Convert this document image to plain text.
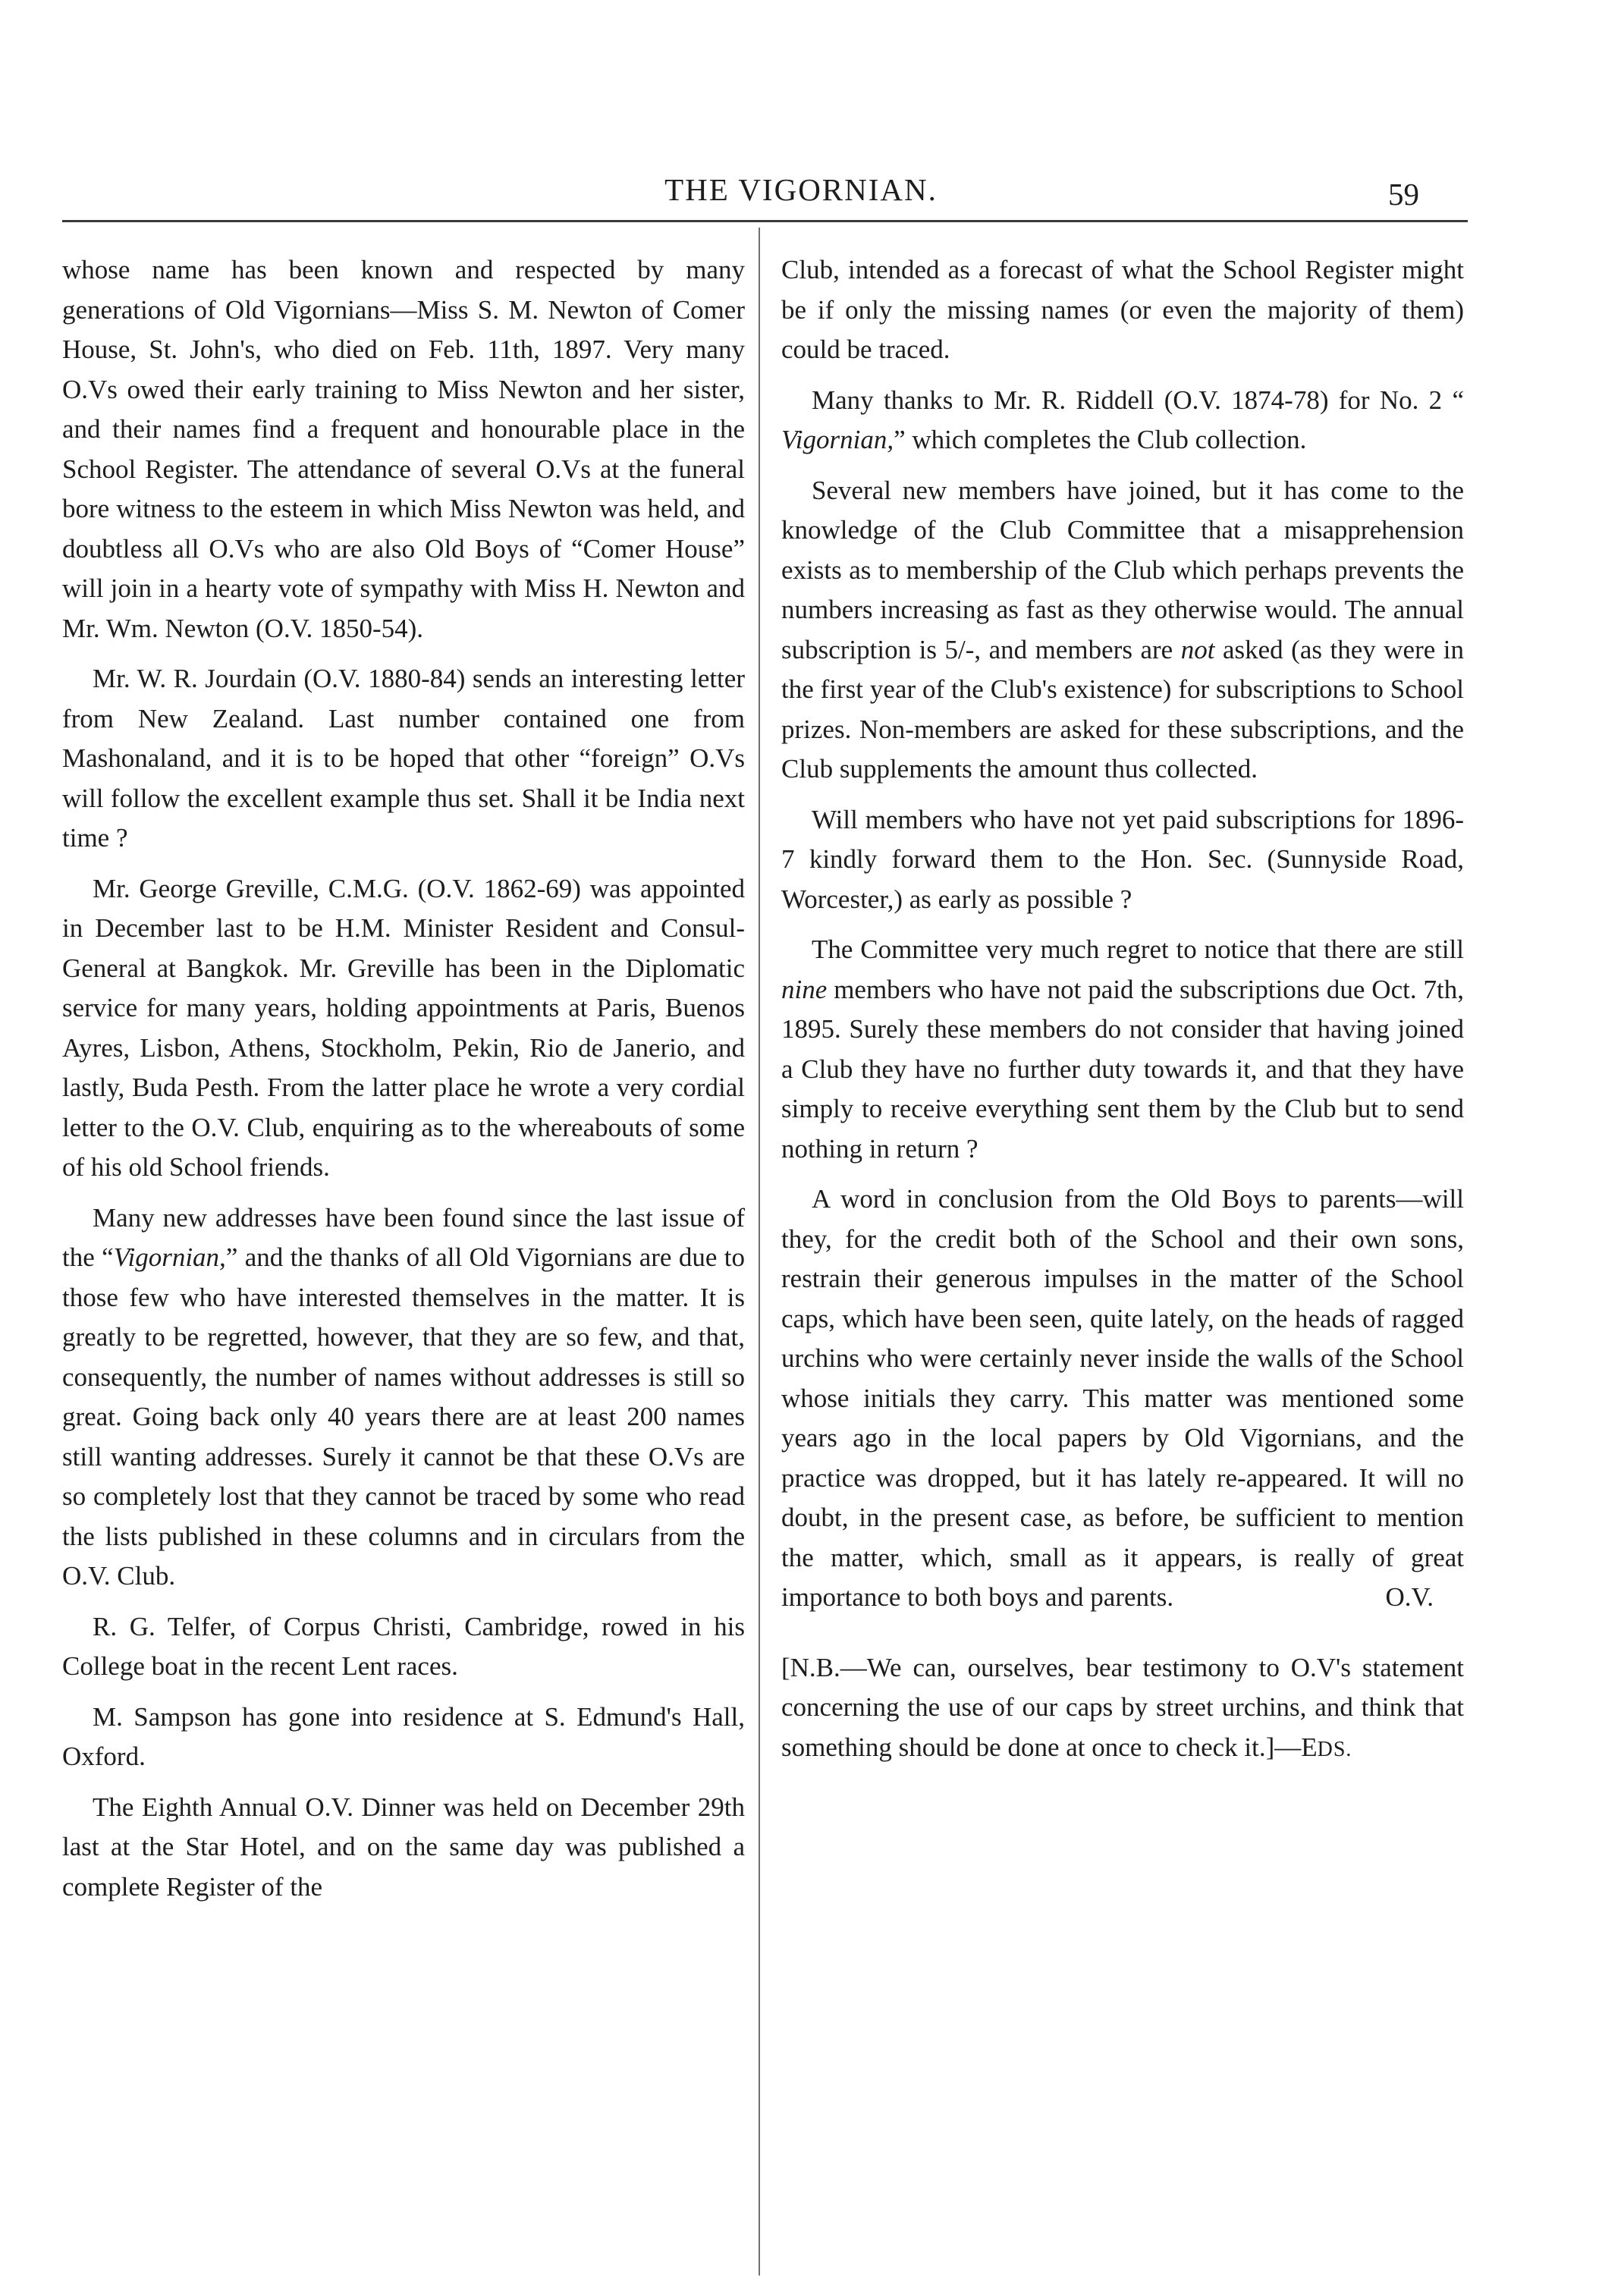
THE VIGORNIAN.	59

whose name has been known and respected by many generations of Old Vigornians—Miss S. M. Newton of Comer House, St. John's, who died on Feb. 11th, 1897. Very many O.Vs owed their early training to Miss Newton and her sister, and their names find a frequent and honourable place in the School Register. The attendance of several O.Vs at the funeral bore witness to the esteem in which Miss Newton was held, and doubtless all O.Vs who are also Old Boys of “Comer House” will join in a hearty vote of sympathy with Miss H. Newton and Mr. Wm. Newton (O.V. 1850-54).

Mr. W. R. Jourdain (O.V. 1880-84) sends an interesting letter from New Zealand. Last number contained one from Mashonaland, and it is to be hoped that other “foreign” O.Vs will follow the excellent example thus set. Shall it be India next time ?

Mr. George Greville, C.M.G. (O.V. 1862-69) was appointed in December last to be H.M. Minister Resident and Consul-General at Bangkok. Mr. Greville has been in the Diplomatic service for many years, holding appointments at Paris, Buenos Ayres, Lisbon, Athens, Stockholm, Pekin, Rio de Janerio, and lastly, Buda Pesth. From the latter place he wrote a very cordial letter to the O.V. Club, enquiring as to the whereabouts of some of his old School friends.

Many new addresses have been found since the last issue of the “Vigornian,” and the thanks of all Old Vigornians are due to those few who have interested themselves in the matter. It is greatly to be regretted, however, that they are so few, and that, consequently, the number of names without addresses is still so great. Going back only 40 years there are at least 200 names still wanting addresses. Surely it cannot be that these O.Vs are so completely lost that they cannot be traced by some who read the lists published in these columns and in circulars from the O.V. Club.

R. G. Telfer, of Corpus Christi, Cambridge, rowed in his College boat in the recent Lent races.

M. Sampson has gone into residence at S. Edmund's Hall, Oxford.

The Eighth Annual O.V. Dinner was held on December 29th last at the Star Hotel, and on the same day was published a complete Register of the

Club, intended as a forecast of what the School Register might be if only the missing names (or even the majority of them) could be traced.

Many thanks to Mr. R. Riddell (O.V. 1874-78) for No. 2 “ Vigornian,” which completes the Club collection.

Several new members have joined, but it has come to the knowledge of the Club Committee that a misapprehension exists as to membership of the Club which perhaps prevents the numbers increasing as fast as they otherwise would. The annual subscription is 5/-, and members are not asked (as they were in the first year of the Club's existence) for subscriptions to School prizes. Non-members are asked for these subscriptions, and the Club supplements the amount thus collected.

Will members who have not yet paid subscriptions for 1896-7 kindly forward them to the Hon. Sec. (Sunnyside Road, Worcester,) as early as possible ?

The Committee very much regret to notice that there are still nine members who have not paid the subscriptions due Oct. 7th, 1895. Surely these members do not consider that having joined a Club they have no further duty towards it, and that they have simply to receive everything sent them by the Club but to send nothing in return ?

A word in conclusion from the Old Boys to parents—will they, for the credit both of the School and their own sons, restrain their generous impulses in the matter of the School caps, which have been seen, quite lately, on the heads of ragged urchins who were certainly never inside the walls of the School whose initials they carry. This matter was mentioned some years ago in the local papers by Old Vigornians, and the practice was dropped, but it has lately re-appeared. It will no doubt, in the present case, as before, be sufficient to mention the matter, which, small as it appears, is really of great importance to both boys and parents.	O.V.

[N.B.—We can, ourselves, bear testimony to O.V's statement concerning the use of our caps by street urchins, and think that something should be done at once to check it.]—EDS.
